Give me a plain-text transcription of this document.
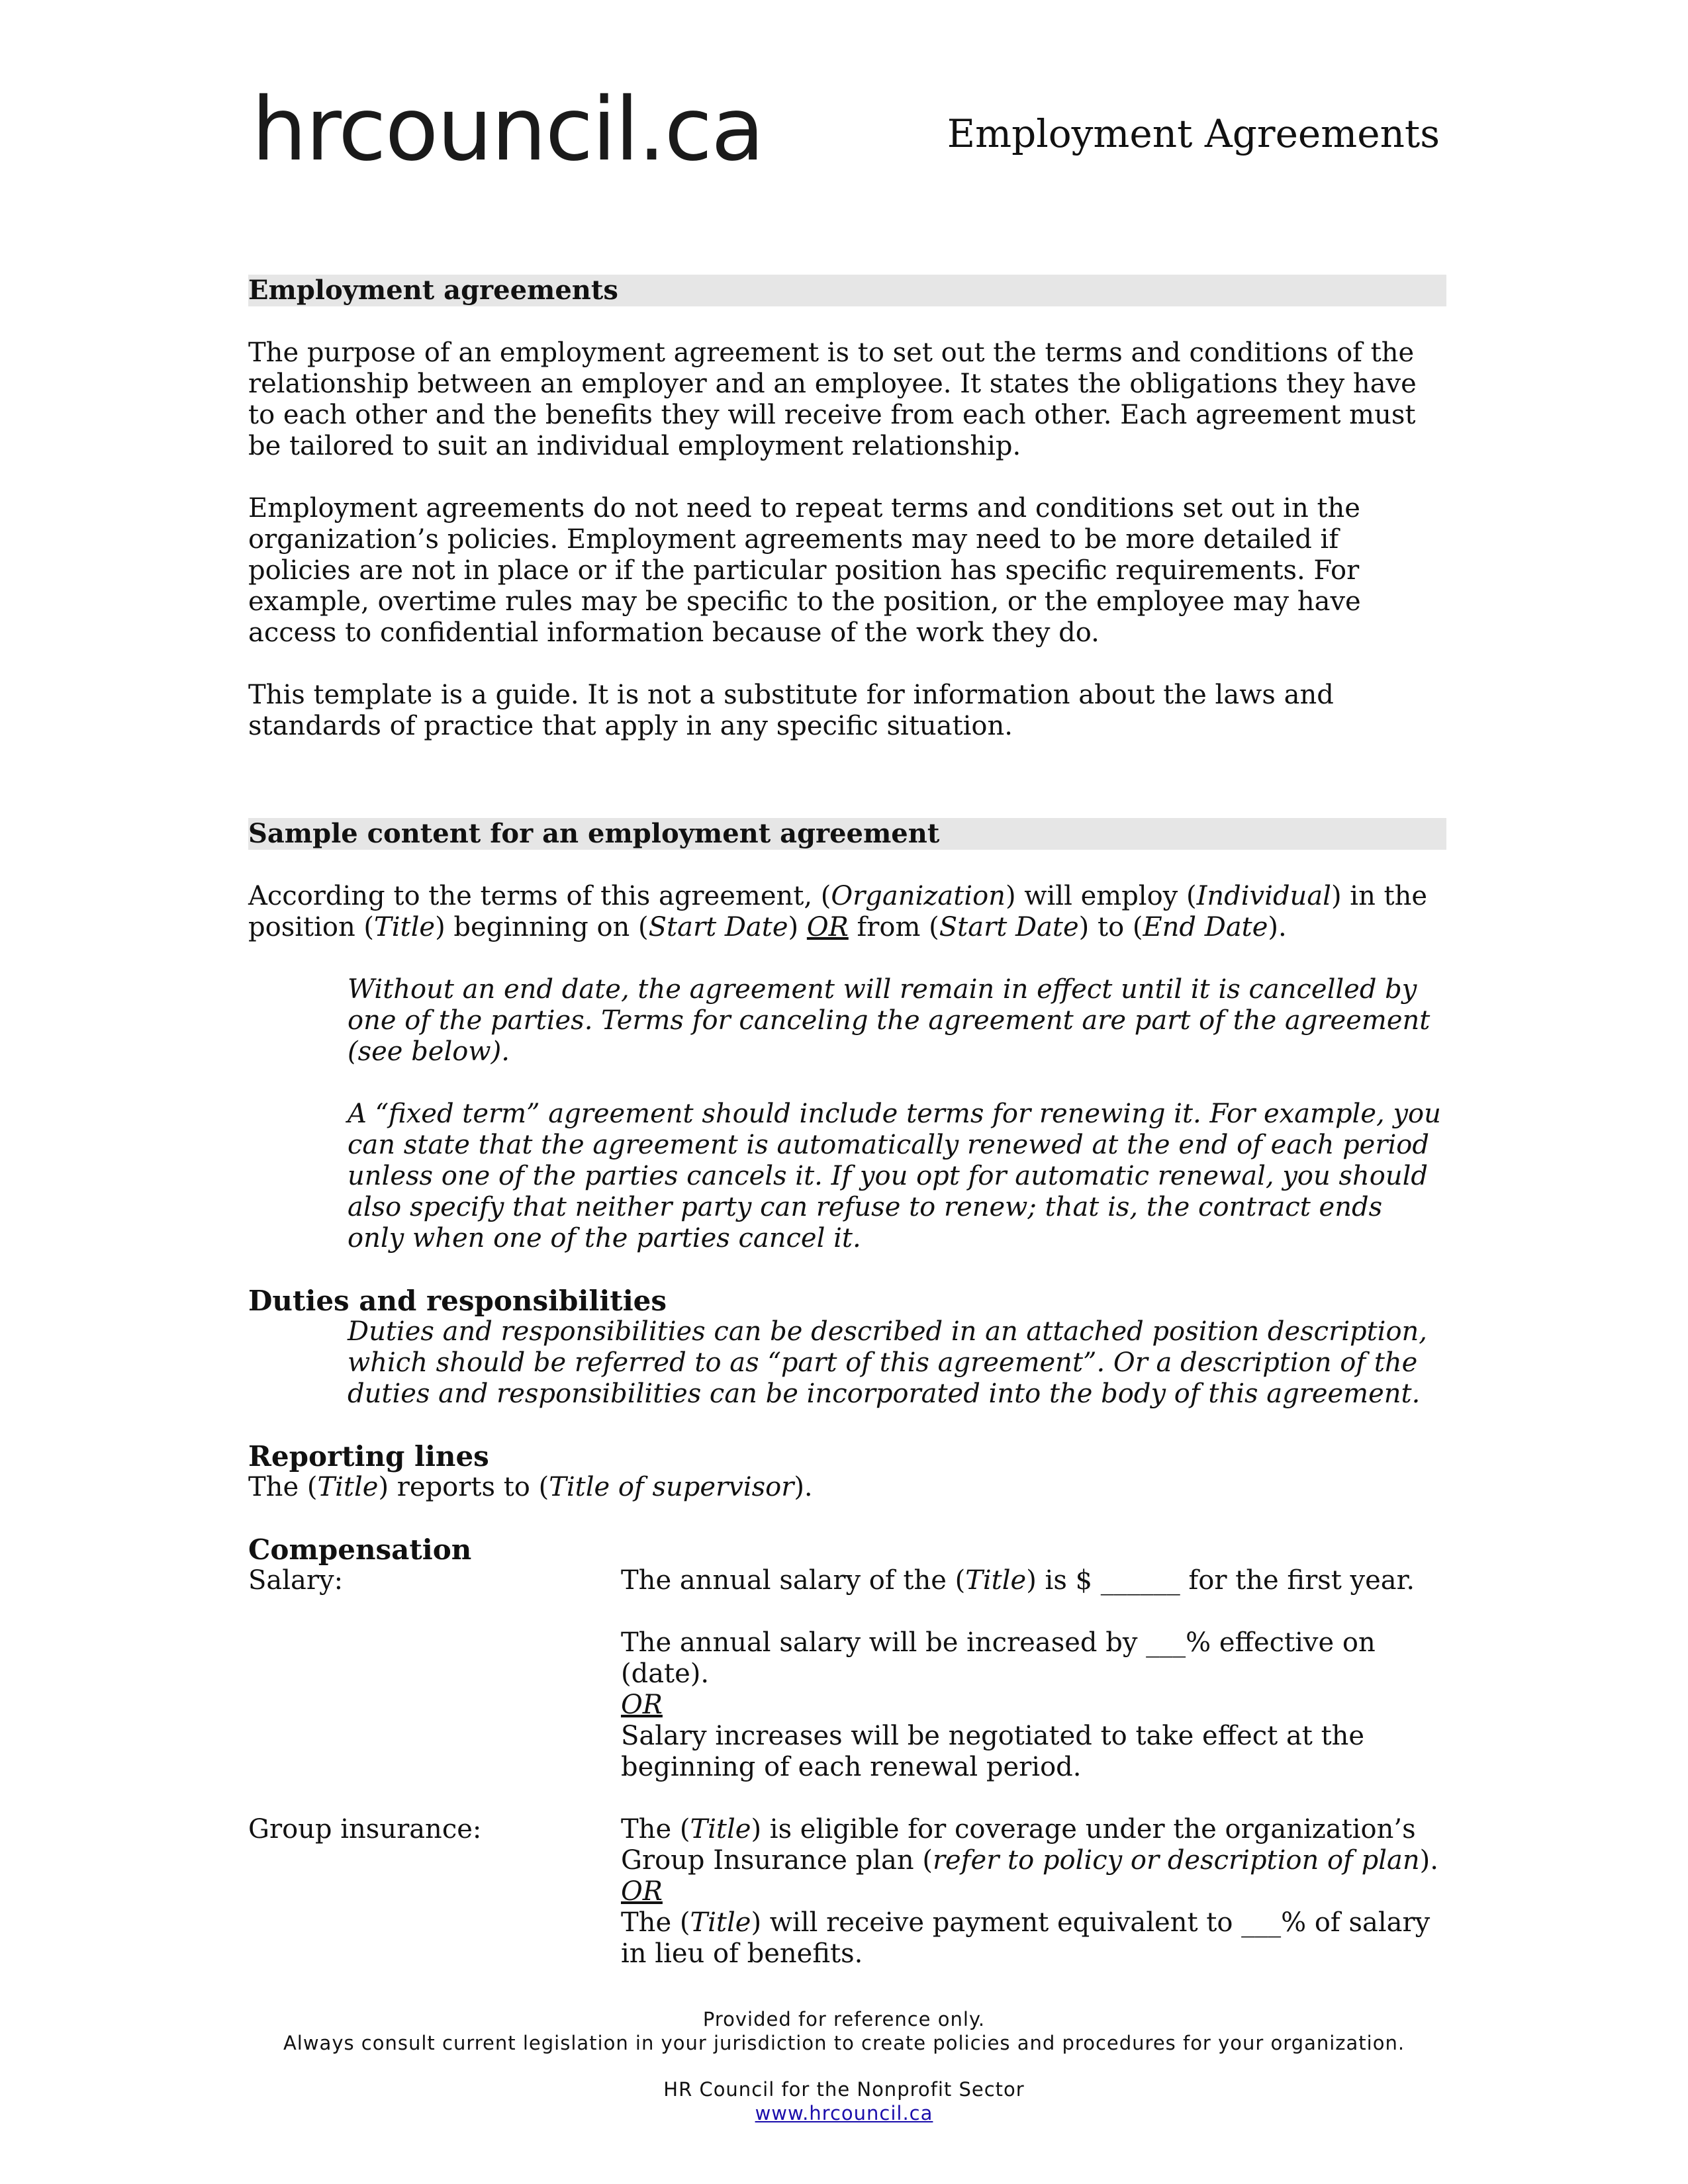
hrcouncil.ca	Employment Agreements
Employment agreements

The purpose of an employment agreement is to set out the terms and conditions of the relationship between an employer and an employee. It states the obligations they have to each other and the benefits they will receive from each other. Each agreement must be tailored to suit an individual employment relationship.

Employment agreements do not need to repeat terms and conditions set out in the organization’s policies. Employment agreements may need to be more detailed if policies are not in place or if the particular position has specific requirements. For example, overtime rules may be specific to the position, or the employee may have access to confidential information because of the work they do.

This template is a guide. It is not a substitute for information about the laws and standards of practice that apply in any specific situation.

Sample content for an employment agreement

According to the terms of this agreement, (Organization) will employ (Individual) in the position (Title) beginning on (Start Date) OR from (Start Date) to (End Date).

Without an end date, the agreement will remain in effect until it is cancelled by one of the parties. Terms for canceling the agreement are part of the agreement (see below).

A “fixed term” agreement should include terms for renewing it. For example, you can state that the agreement is automatically renewed at the end of each period unless one of the parties cancels it. If you opt for automatic renewal, you should also specify that neither party can refuse to renew; that is, the contract ends only when one of the parties cancel it.

Duties and responsibilities

Duties and responsibilities can be described in an attached position description, which should be referred to as “part of this agreement”. Or a description of the duties and responsibilities can be incorporated into the body of this agreement.

Reporting lines

The (Title) reports to (Title of supervisor).

Compensation

Salary:	The annual salary of the (Title) is $ ______ for the first year.

The annual salary will be increased by ___% effective on (date).

OR

Salary increases will be negotiated to take effect at the beginning of each renewal period.

Group insurance:	The (Title) is eligible for coverage under the organization’s Group Insurance plan (refer to policy or description of plan).

OR

The (Title) will receive payment equivalent to ___% of salary in lieu of benefits.

Provided for reference only.
Always consult current legislation in your jurisdiction to create policies and procedures for your organization.
HR Council for the Nonprofit Sector
www.hrcouncil.ca
